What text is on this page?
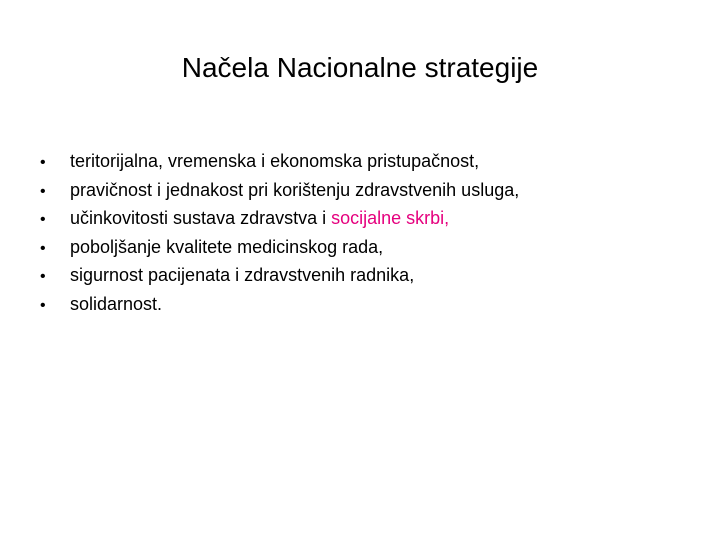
Načela Nacionalne strategije
•	teritorijalna, vremenska i ekonomska pristupačnost,
•	pravičnost i jednakost pri korištenju zdravstvenih usluga,
•	učinkovitosti sustava zdravstva i socijalne skrbi,
•	poboljšanje kvalitete medicinskog rada,
•	sigurnost pacijenata i zdravstvenih radnika,
•	solidarnost.
